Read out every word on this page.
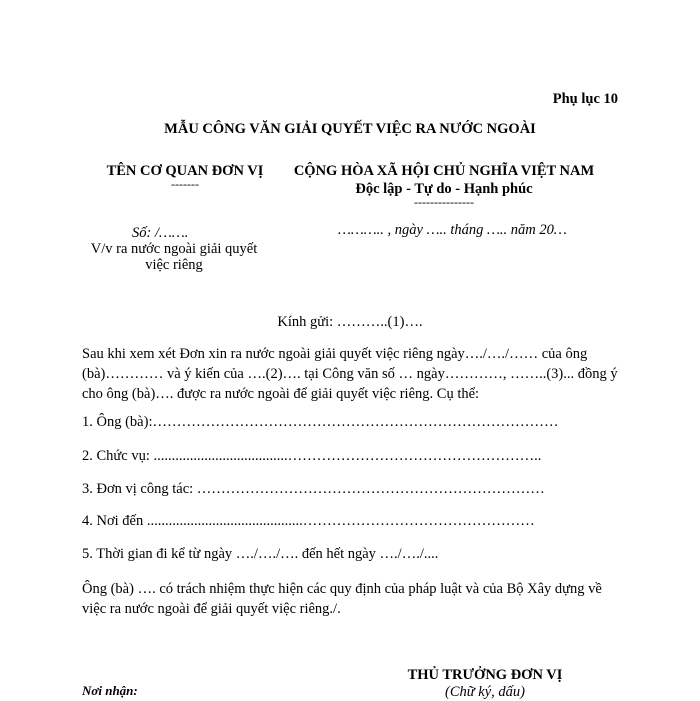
Phụ lục 10
MẪU CÔNG VĂN GIẢI QUYẾT VIỆC RA NƯỚC NGOÀI
TÊN CƠ QUAN ĐƠN VỊ
-------
Số: /…….
V/v ra nước ngoài giải quyết
việc riêng
CỘNG HÒA XÃ HỘI CHỦ NGHĨA VIỆT NAM
Độc lập - Tự do - Hạnh phúc
---------------
……….. , ngày ….. tháng ….. năm 20…
Kính gửi: ………..(1)….
Sau khi xem xét Đơn xin ra nước ngoài giải quyết việc riêng ngày…./…./…… của ông (bà)………… và ý kiến của ….(2)…. tại Công văn số … ngày…………, ……..(3)... đồng ý cho ông (bà)…. được ra nước ngoài để giải quyết việc riêng. Cụ thể:
1. Ông (bà):…………………………………………………………………………
2. Chức vụ: .....................................……………………………………………..
3. Đơn vị công tác: ………………………………………………………………
4. Nơi đến ...........................................…………………………………………
5. Thời gian đi kể từ ngày …./…./…. đến hết ngày …./…./....
Ông (bà) …. có trách nhiệm thực hiện các quy định của pháp luật và của Bộ Xây dựng về việc ra nước ngoài để giải quyết việc riêng./.
THỦ TRƯỞNG ĐƠN VỊ
(Chữ ký, dấu)
Nơi nhận:
